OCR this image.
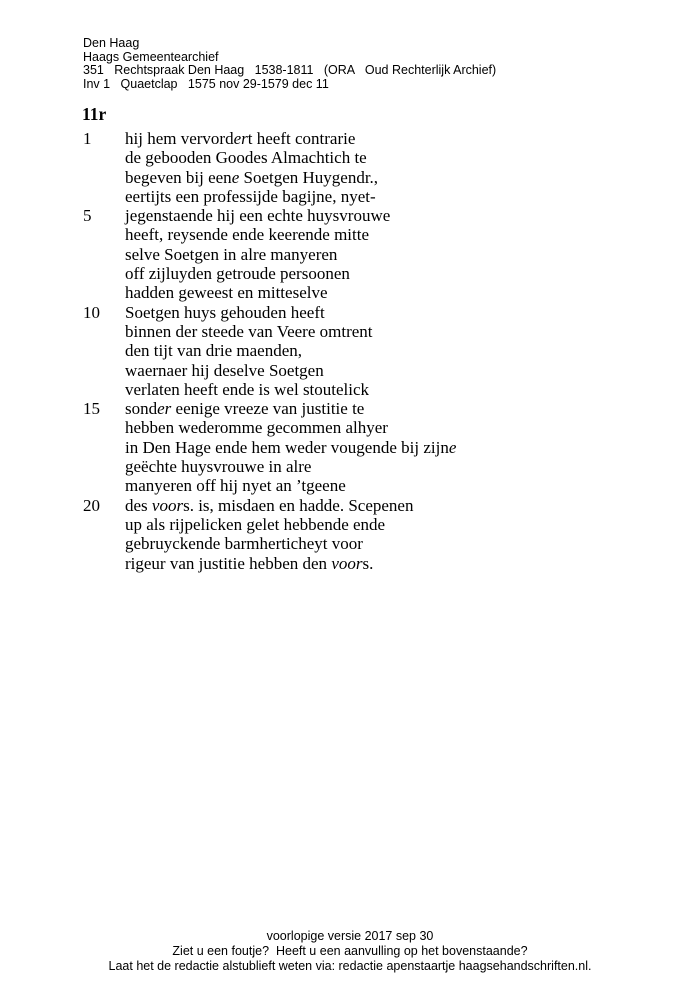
Den Haag
Haags Gemeentearchief
351   Rechtspraak Den Haag   1538-1811   (ORA   Oud Rechterlijk Archief)
Inv 1   Quaetclap   1575 nov 29-1579 dec 11
11r
1	hij hem vervordert heeft contrarie
de gebooden Goodes Almachtich te
begeven bij eene Soetgen Huygendr.,
eertijts een professijde bagijne, nyet-
5	jegenstaende hij een echte huysvrouwe
heeft, reysende ende keerende mitte
selve Soetgen in alre manyeren
off zijluyden getroude persoonen
hadden geweest en mitteselve
10	Soetgen huys gehouden heeft
binnen der steede van Veere omtrent
den tijt van drie maenden,
waernaer hij deselve Soetgen
verlaten heeft ende is wel stoutelick
15	sonder eenige vreeze van justitie te
hebben wederomme gecommen alhyer
in Den Hage ende hem weder vougende bij zijne
geëchte huysvrouwe in alre
manyeren off hij nyet an ’tgeene
20	des voors. is, misdaen en hadde. Scepenen
up als rijpelicken gelet hebbende ende
gebruyckende barmherticheyt voor
rigeur van justitie hebben den voors.
voorlopige versie 2017 sep 30
Ziet u een foutje?  Heeft u een aanvulling op het bovenstaande?
Laat het de redactie alstublieft weten via: redactie apenstaartje haagsehandschriften.nl.
